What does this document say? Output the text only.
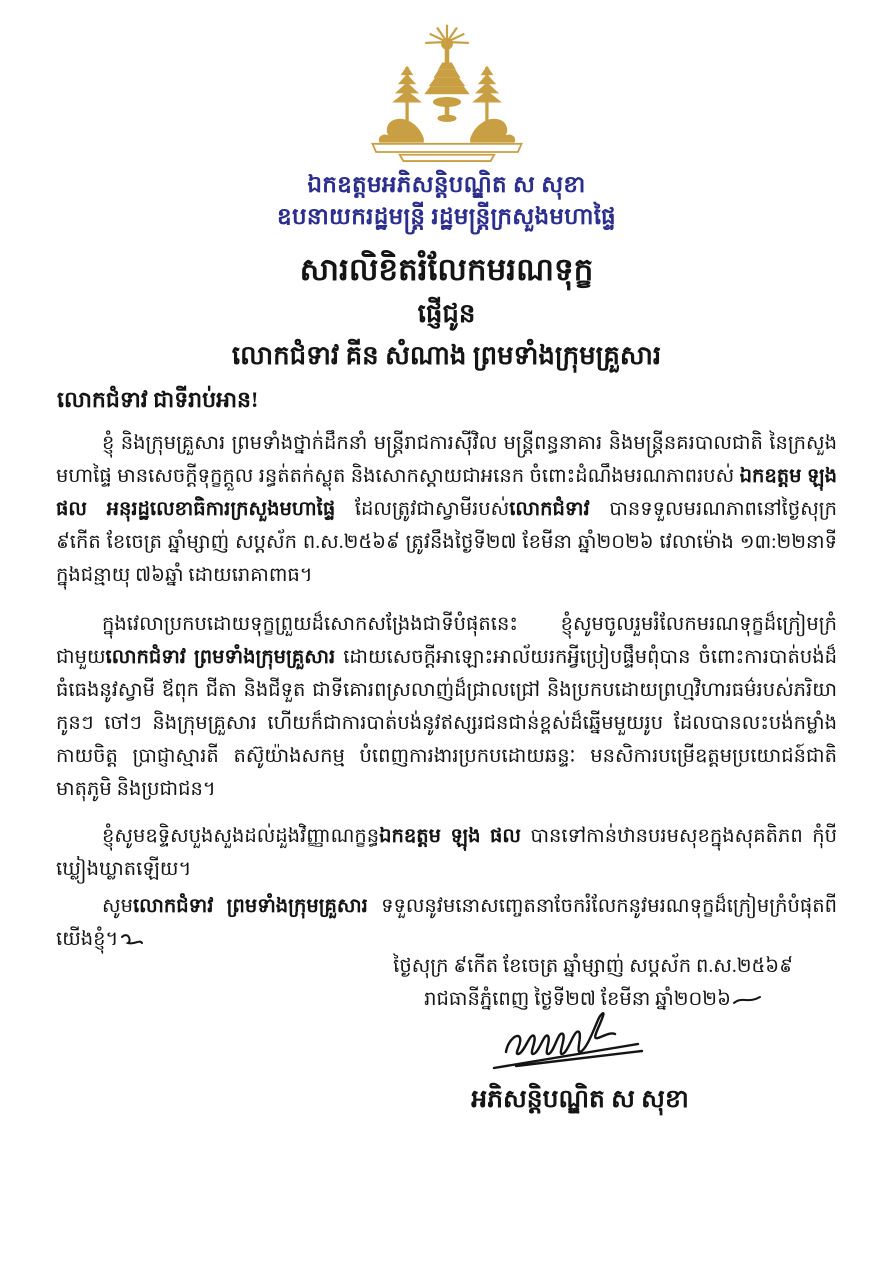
ឯកឧត្តមអភិសន្តិបណ្ឌិត ស សុខា
ឧបនាយករដ្ឋមន្ត្រី រដ្ឋមន្ត្រីក្រសួងមហាផ្ទៃ
សារលិខិតរំលែកមរណទុក្ខ
ផ្ញើជូន
លោកជំទាវ គីន សំណាង ព្រមទាំងក្រុមគ្រួសារ

លោកជំទាវ ជាទីរាប់អាន!

ខ្ញុំ និងក្រុមគ្រួសារ ព្រមទាំងថ្នាក់ដឹកនាំ មន្ត្រីរាជការស៊ីវិល មន្ត្រីពន្ធនាគារ និងមន្ត្រីនគរបាលជាតិ នៃក្រសួងមហាផ្ទៃ មានសេចក្តីទុក្ខក្តួល រន្ធត់តក់ស្លុត និងសោកស្តាយជាអនេក ចំពោះដំណឹងមរណភាពរបស់ ឯកឧត្តម ឡុង ផល អនុរដ្ឋលេខាធិការក្រសួងមហាផ្ទៃ ដែលត្រូវជាស្វាមីរបស់លោកជំទាវ បានទទួលមរណភាពនៅថ្ងៃសុក្រ ៩កើត ខែចេត្រ ឆ្នាំម្សាញ់ សប្តស័ក ព.ស.២៥៦៩ ត្រូវនឹងថ្ងៃទី២៧ ខែមីនា ឆ្នាំ២០២៦ វេលាម៉ោង ១៣:២២នាទី ក្នុងជន្មាយុ ៧៦ឆ្នាំ ដោយរោគាពាធ។

ក្នុងវេលាប្រកបដោយទុក្ខព្រួយដ៏សោកសង្រែងជាទីបំផុតនេះ ខ្ញុំសូមចូលរួមរំលែកមរណទុក្ខដ៏ក្រៀមក្រំជាមួយលោកជំទាវ ព្រមទាំងក្រុមគ្រួសារ ដោយសេចក្តីអាឡោះអាល័យរកអ្វីប្រៀបផ្ទឹមពុំបាន ចំពោះការបាត់បង់ដ៏ធំធេងនូវស្វាមី ឪពុក ជីតា និងជីទួត ជាទីគោរពស្រលាញ់ដ៏ជ្រាលជ្រៅ និងប្រកបដោយព្រហ្មវិហារធម៌របស់ភរិយា កូនៗ ចៅៗ និងក្រុមគ្រួសារ ហើយក៏ជាការបាត់បង់នូវឥស្សរជនជាន់ខ្ពស់ដ៏ឆ្នើមមួយរូប ដែលបានលះបង់កម្លាំងកាយចិត្ត ប្រាជ្ញាស្មារតី តស៊ូយ៉ាងសកម្ម បំពេញការងារប្រកបដោយឆន្ទៈ មនសិការបម្រើឧត្តមប្រយោជន៍ជាតិមាតុភូមិ និងប្រជាជន។

ខ្ញុំសូមឧទ្ទិសបួងសួងដល់ដួងវិញ្ញាណក្ខន្ធឯកឧត្តម ឡុង ផល បានទៅកាន់ឋានបរមសុខក្នុងសុគតិភព កុំបីឃ្លៀងឃ្លាតឡើយ។

សូមលោកជំទាវ ព្រមទាំងក្រុមគ្រួសារ ទទួលនូវមនោសញ្ចេតនាចែករំលែកនូវមរណទុក្ខដ៏ក្រៀមក្រំបំផុតពីយើងខ្ញុំ។

ថ្ងៃសុក្រ ៩កើត ខែចេត្រ ឆ្នាំម្សាញ់ សប្តស័ក ព.ស.២៥៦៩
រាជធានីភ្នំពេញ ថ្ងៃទី២៧ ខែមីនា ឆ្នាំ២០២៦
អភិសន្តិបណ្ឌិត ស សុខា
